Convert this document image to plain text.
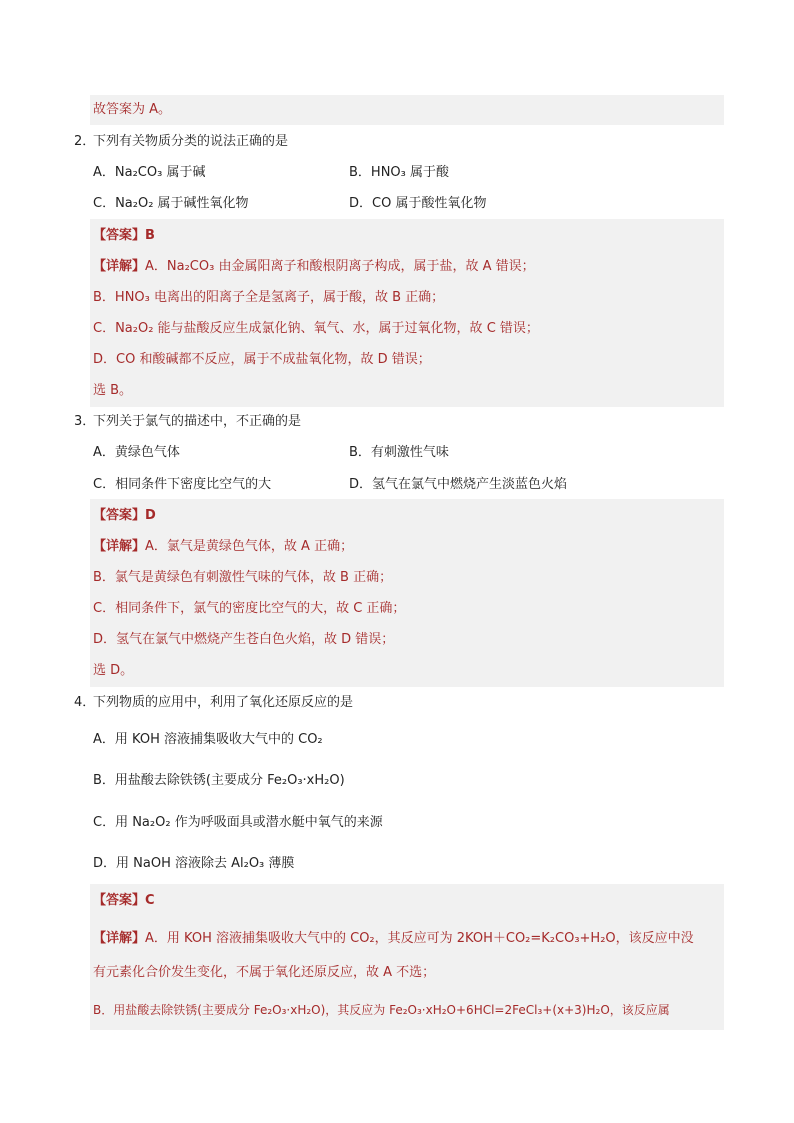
故答案为 A。
2．
下列有关物质分类的说法正确的是
A．Na₂CO₃ 属于碱	B．HNO₃ 属于酸
C．Na₂O₂ 属于碱性氧化物	D．CO 属于酸性氧化物
【答案】B
【详解】A．Na₂CO₃ 由金属阳离子和酸根阴离子构成，属于盐，故 A 错误；
B．HNO₃ 电离出的阳离子全是氢离子，属于酸，故 B 正确；
C．Na₂O₂ 能与盐酸反应生成氯化钠、氧气、水，属于过氧化物，故 C 错误；
D．CO 和酸碱都不反应，属于不成盐氧化物，故 D 错误；
选 B。
3．
下列关于氯气的描述中，不正确的是
A．黄绿色气体	B．有刺激性气味
C．相同条件下密度比空气的大	D．氢气在氯气中燃烧产生淡蓝色火焰
【答案】D
【详解】A．氯气是黄绿色气体，故 A 正确；
B．氯气是黄绿色有刺激性气味的气体，故 B 正确；
C．相同条件下，氯气的密度比空气的大，故 C 正确；
D．氢气在氯气中燃烧产生苍白色火焰，故 D 错误；
选 D。
4．
下列物质的应用中，利用了氧化还原反应的是
A．用 KOH 溶液捕集吸收大气中的 CO₂
B．用盐酸去除铁锈(主要成分 Fe₂O₃·xH₂O)
C．用 Na₂O₂ 作为呼吸面具或潜水艇中氧气的来源
D．用 NaOH 溶液除去 Al₂O₃ 薄膜
【答案】C
【详解】A．用 KOH 溶液捕集吸收大气中的 CO₂，其反应可为 2KOH＋CO₂=K₂CO₃+H₂O，该反应中没
有元素化合价发生变化，不属于氧化还原反应，故 A 不选；
B．用盐酸去除铁锈(主要成分 Fe₂O₃·xH₂O)，其反应为 Fe₂O₃·xH₂O+6HCl=2FeCl₃+(x+3)H₂O，该反应属
